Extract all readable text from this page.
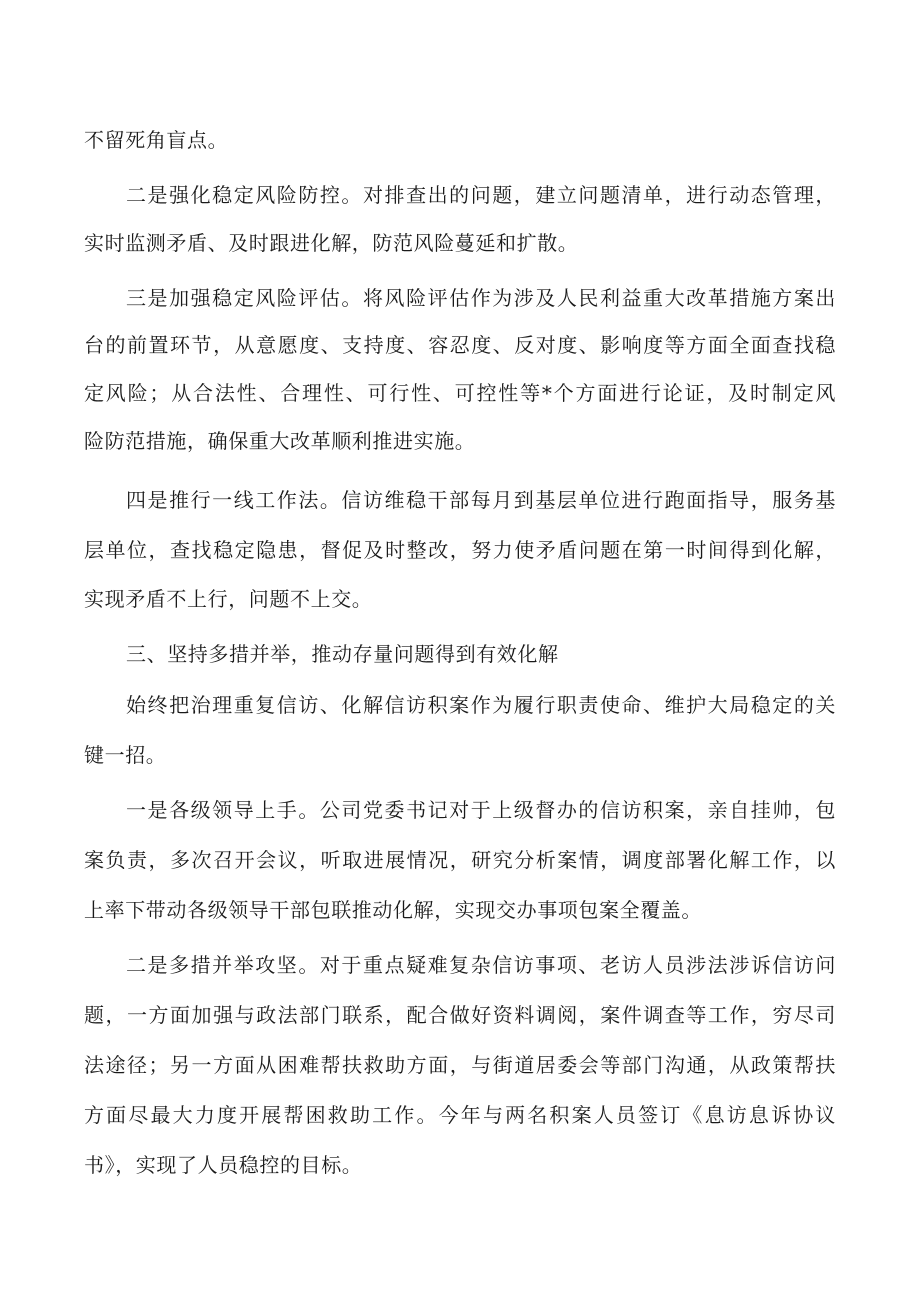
不留死角盲点。
二是强化稳定风险防控。对排查出的问题，建立问题清单，进行动态管理，
实时监测矛盾、及时跟进化解，防范风险蔓延和扩散。
三是加强稳定风险评估。将风险评估作为涉及人民利益重大改革措施方案出
台的前置环节，从意愿度、支持度、容忍度、反对度、影响度等方面全面查找稳
定风险；从合法性、合理性、可行性、可控性等*个方面进行论证，及时制定风
险防范措施，确保重大改革顺利推进实施。
四是推行一线工作法。信访维稳干部每月到基层单位进行跑面指导，服务基
层单位，查找稳定隐患，督促及时整改，努力使矛盾问题在第一时间得到化解，
实现矛盾不上行，问题不上交。
三、坚持多措并举，推动存量问题得到有效化解
始终把治理重复信访、化解信访积案作为履行职责使命、维护大局稳定的关
键一招。
一是各级领导上手。公司党委书记对于上级督办的信访积案，亲自挂帅，包
案负责，多次召开会议，听取进展情况，研究分析案情，调度部署化解工作，以
上率下带动各级领导干部包联推动化解，实现交办事项包案全覆盖。
二是多措并举攻坚。对于重点疑难复杂信访事项、老访人员涉法涉诉信访问
题，一方面加强与政法部门联系，配合做好资料调阅，案件调查等工作，穷尽司
法途径；另一方面从困难帮扶救助方面，与街道居委会等部门沟通，从政策帮扶
方面尽最大力度开展帮困救助工作。今年与两名积案人员签订《息访息诉协议
书》，实现了人员稳控的目标。
